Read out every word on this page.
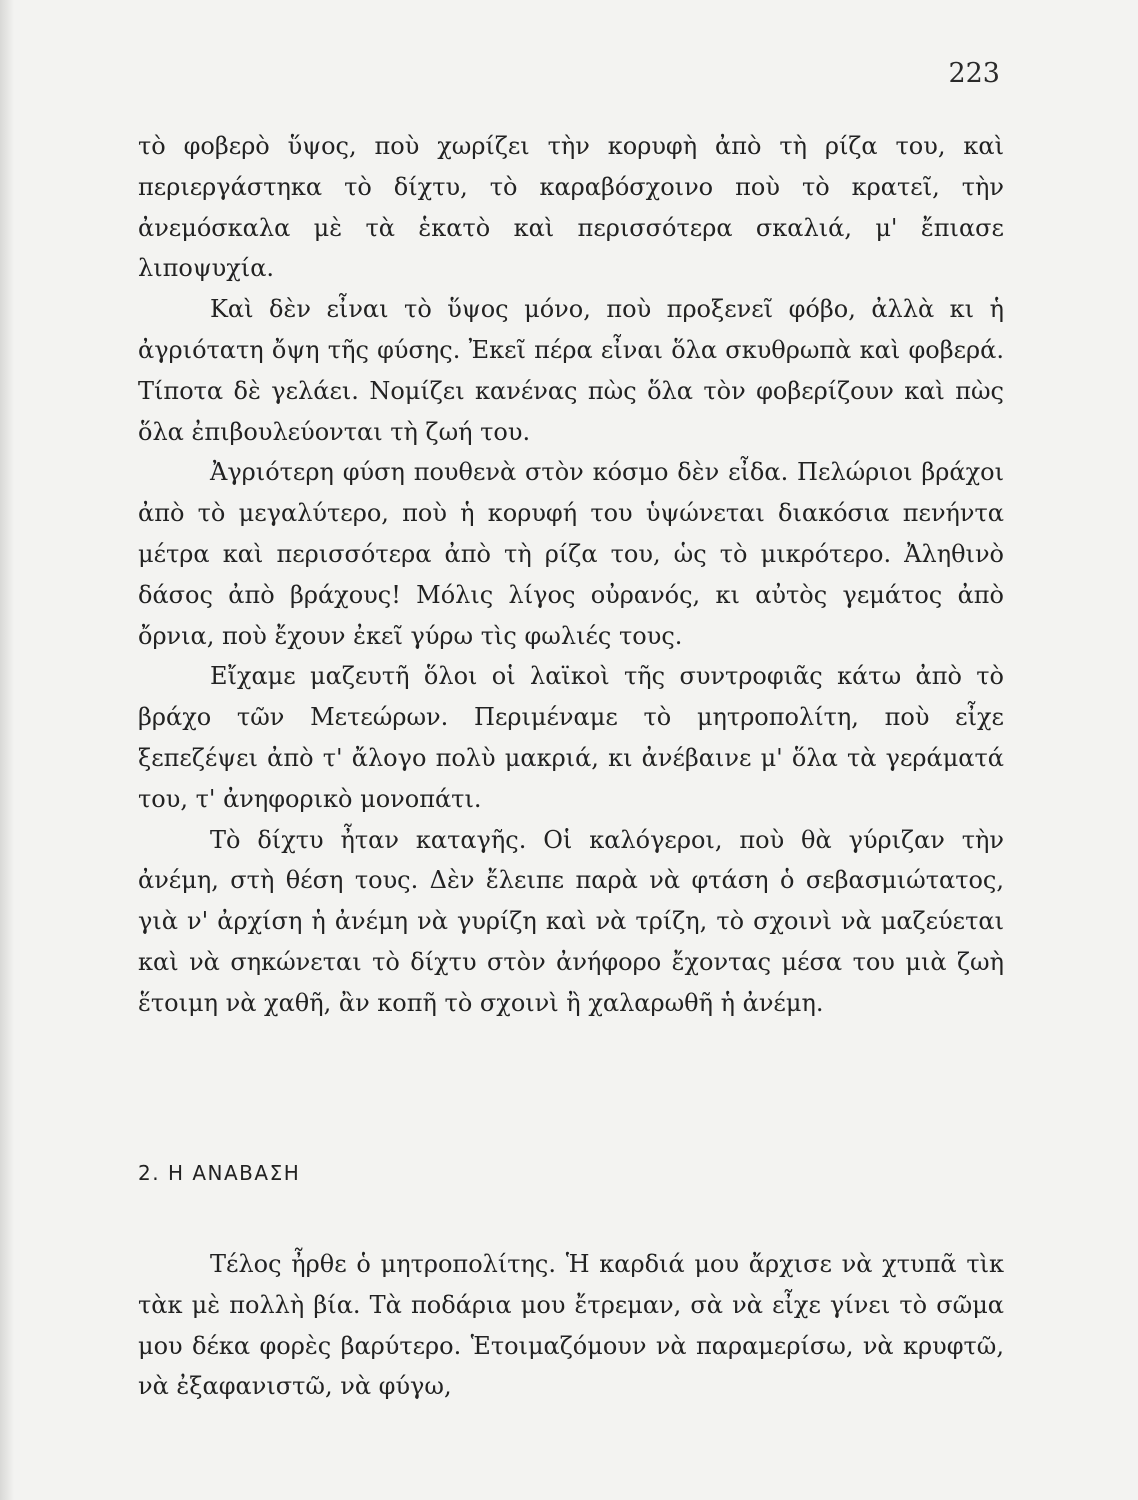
223

τὸ φοβερὸ ὕψος, ποὺ χωρίζει τὴν κορυφὴ ἀπὸ τὴ ρίζα του, καὶ περιεργάστηκα τὸ δίχτυ, τὸ καραβόσχοινο ποὺ τὸ κρατεῖ, τὴν ἀνεμόσκαλα μὲ τὰ ἑκατὸ καὶ περισσότερα σκαλιά, μ' ἔπιασε λιποψυχία.

Καὶ δὲν εἶναι τὸ ὕψος μόνο, ποὺ προξενεῖ φόβο, ἀλλὰ κι ἡ ἀγριότατη ὄψη τῆς φύσης. Ἐκεῖ πέρα εἶναι ὅλα σκυθρωπὰ καὶ φοβερά. Τίποτα δὲ γελάει. Νομίζει κανένας πὼς ὅλα τὸν φοβερίζουν καὶ πὼς ὅλα ἐπιβουλεύονται τὴ ζωή του.

Ἀγριότερη φύση πουθενὰ στὸν κόσμο δὲν εἶδα. Πελώριοι βράχοι ἀπὸ τὸ μεγαλύτερο, ποὺ ἡ κορυφή του ὑψώνεται διακόσια πενήντα μέτρα καὶ περισσότερα ἀπὸ τὴ ρίζα του, ὡς τὸ μικρότερο. Ἀληθινὸ δάσος ἀπὸ βράχους! Μόλις λίγος οὐρανός, κι αὐτὸς γεμάτος ἀπὸ ὄρνια, ποὺ ἔχουν ἐκεῖ γύρω τὶς φωλιές τους.

Εἴχαμε μαζευτῆ ὅλοι οἱ λαϊκοὶ τῆς συντροφιᾶς κάτω ἀπὸ τὸ βράχο τῶν Μετεώρων. Περιμέναμε τὸ μητροπολίτη, ποὺ εἶχε ξεπεζέψει ἀπὸ τ' ἄλογο πολὺ μακριά, κι ἀνέβαινε μ' ὅλα τὰ γεράματά του, τ' ἀνηφορικὸ μονοπάτι.

Τὸ δίχτυ ἦταν καταγῆς. Οἱ καλόγεροι, ποὺ θὰ γύριζαν τὴν ἀνέμη, στὴ θέση τους. Δὲν ἔλειπε παρὰ νὰ φτάση ὁ σεβασμιώτατος, γιὰ ν' ἀρχίση ἡ ἀνέμη νὰ γυρίζη καὶ νὰ τρίζη, τὸ σχοινὶ νὰ μαζεύεται καὶ νὰ σηκώνεται τὸ δίχτυ στὸν ἀνήφορο ἔχοντας μέσα του μιὰ ζωὴ ἕτοιμη νὰ χαθῆ, ἂν κοπῆ τὸ σχοινὶ ἢ χαλαρωθῆ ἡ ἀνέμη.

2. Η ΑΝΑΒΑΣΗ

Τέλος ἦρθε ὁ μητροπολίτης. Ἡ καρδιά μου ἄρχισε νὰ χτυπᾶ τὶκ τὰκ μὲ πολλὴ βία. Τὰ ποδάρια μου ἔτρεμαν, σὰ νὰ εἶχε γίνει τὸ σῶμα μου δέκα φορὲς βαρύτερο. Ἑτοιμαζόμουν νὰ παραμερίσω, νὰ κρυφτῶ, νὰ ἐξαφανιστῶ, νὰ φύγω,
